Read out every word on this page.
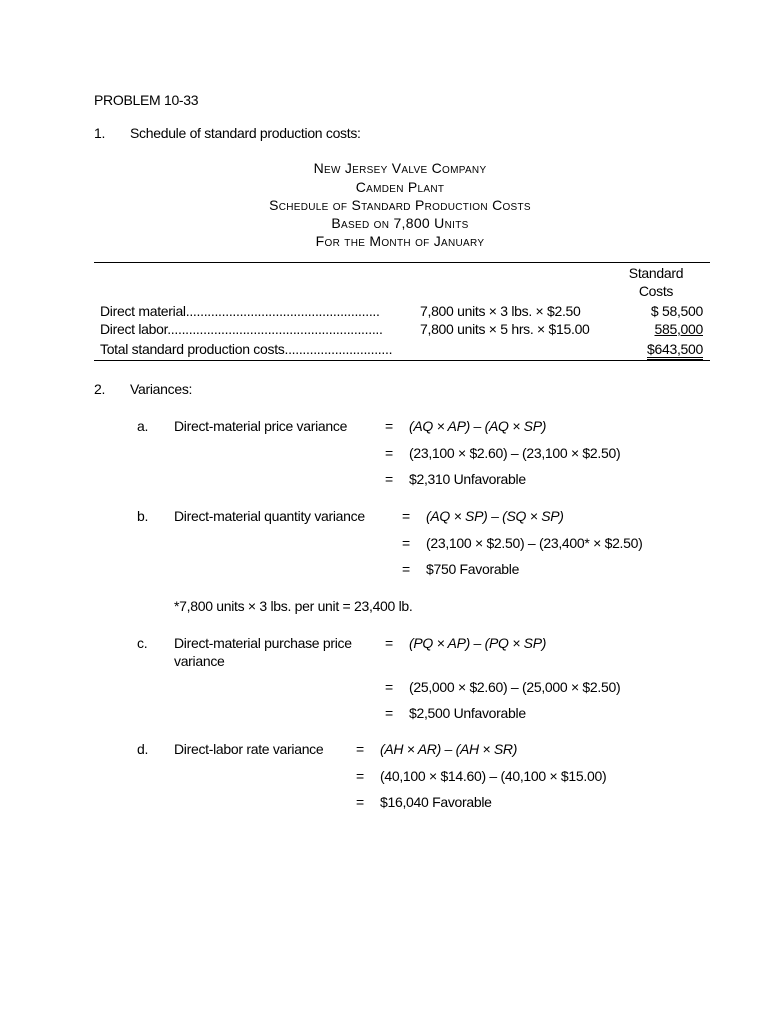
PROBLEM 10-33
1. Schedule of standard production costs:
New Jersey Valve Company
Camden Plant
Schedule of Standard Production Costs
Based on 7,800 Units
For the Month of January
Standard
Costs
Direct material......................................................	7,800 units × 3 lbs. × $2.50	$ 58,500
Direct labor............................................................	7,800 units × 5 hrs. × $15.00	585,000
Total standard production costs..............................	$643,500
2. Variances:
a. Direct-material price variance	= (AQ × AP) – (AQ × SP)
= (23,100 × $2.60) – (23,100 × $2.50)
= $2,310 Unfavorable
b. Direct-material quantity variance	= (AQ × SP) – (SQ × SP)
= (23,100 × $2.50) – (23,400* × $2.50)
= $750 Favorable
*7,800 units × 3 lbs. per unit = 23,400 lb.
c. Direct-material purchase price
variance
= (PQ × AP) – (PQ × SP)
= (25,000 × $2.60) – (25,000 × $2.50)
= $2,500 Unfavorable
d. Direct-labor rate variance = (AH × AR) – (AH × SR)
= (40,100 × $14.60) – (40,100 × $15.00)
= $16,040 Favorable
